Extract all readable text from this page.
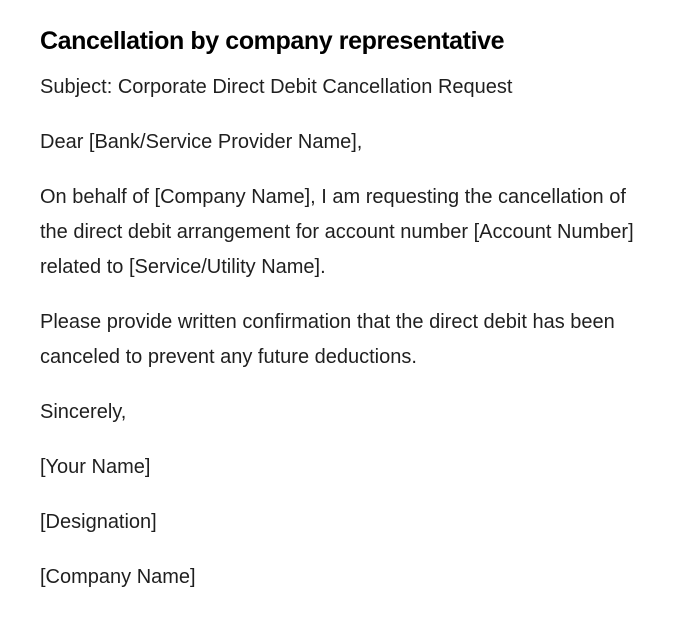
Cancellation by company representative

Subject: Corporate Direct Debit Cancellation Request

Dear [Bank/Service Provider Name],

On behalf of [Company Name], I am requesting the cancellation of the direct debit arrangement for account number [Account Number] related to [Service/Utility Name].

Please provide written confirmation that the direct debit has been canceled to prevent any future deductions.

Sincerely,

[Your Name]

[Designation]

[Company Name]
